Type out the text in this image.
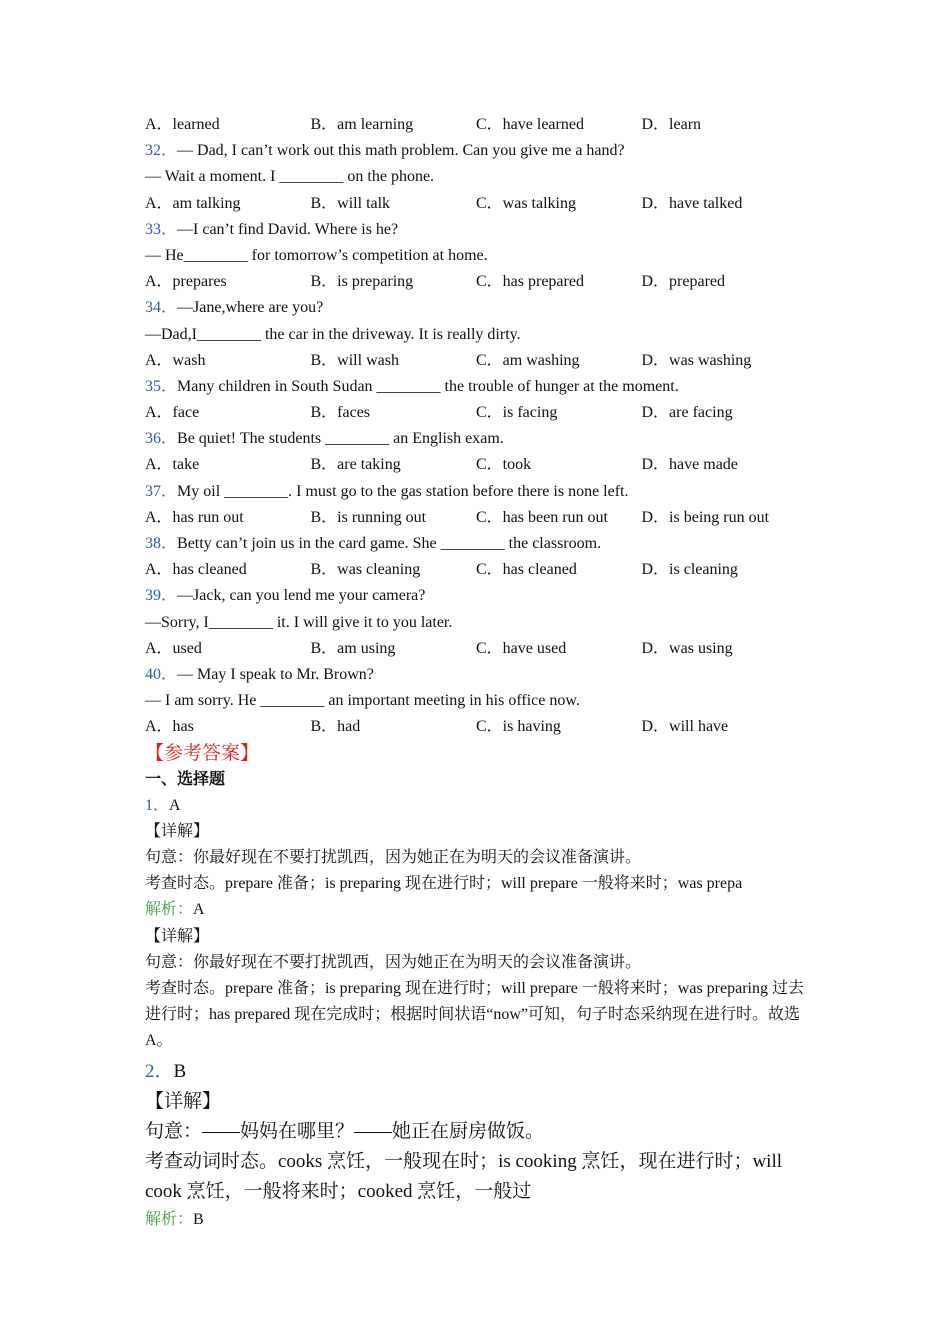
A．learned	B．am learning	C．have learned	D．learn
32．— Dad, I can’t work out this math problem. Can you give me a hand?
— Wait a moment. I ________ on the phone.
A．am talking	B．will talk	C．was talking	D．have talked
33．—I can’t find David. Where is he?
— He________ for tomorrow’s competition at home.
A．prepares	B．is preparing	C．has prepared	D．prepared
34．—Jane,where are you?
—Dad,I________ the car in the driveway. It is really dirty.
A．wash	B．will wash	C．am washing	D．was washing
35．Many children in South Sudan ________ the trouble of hunger at the moment.
A．face	B．faces	C．is facing	D．are facing
36．Be quiet! The students ________ an English exam.
A．take	B．are taking	C．took	D．have made
37．My oil ________. I must go to the gas station before there is none left.
A．has run out	B．is running out	C．has been run out	D．is being run out
38．Betty can’t join us in the card game. She ________ the classroom.
A．has cleaned	B．was cleaning	C．has cleaned	D．is cleaning
39．—Jack, can you lend me your camera?
—Sorry, I________ it. I will give it to you later.
A．used	B．am using	C．have used	D．was using
40．— May I speak to Mr. Brown?
— I am sorry. He ________ an important meeting in his office now.
A．has	B．had	C．is having	D．will have
【参考答案】
一、选择题
1．A
【详解】
句意：你最好现在不要打扰凯西，因为她正在为明天的会议准备演讲。
考查时态。prepare 准备；is preparing 现在进行时；will prepare 一般将来时；was prepa
解析：A
【详解】
句意：你最好现在不要打扰凯西，因为她正在为明天的会议准备演讲。
考查时态。prepare 准备；is preparing 现在进行时；will prepare 一般将来时；was preparing 过去进行时；has prepared 现在完成时；根据时间状语“now”可知，句子时态采纳现在进行时。故选 A。
2．B
【详解】
句意：——妈妈在哪里？——她正在厨房做饭。
考查动词时态。cooks 烹饪，一般现在时；is cooking 烹饪，现在进行时；will cook 烹饪，一般将来时；cooked 烹饪，一般过
解析：B
